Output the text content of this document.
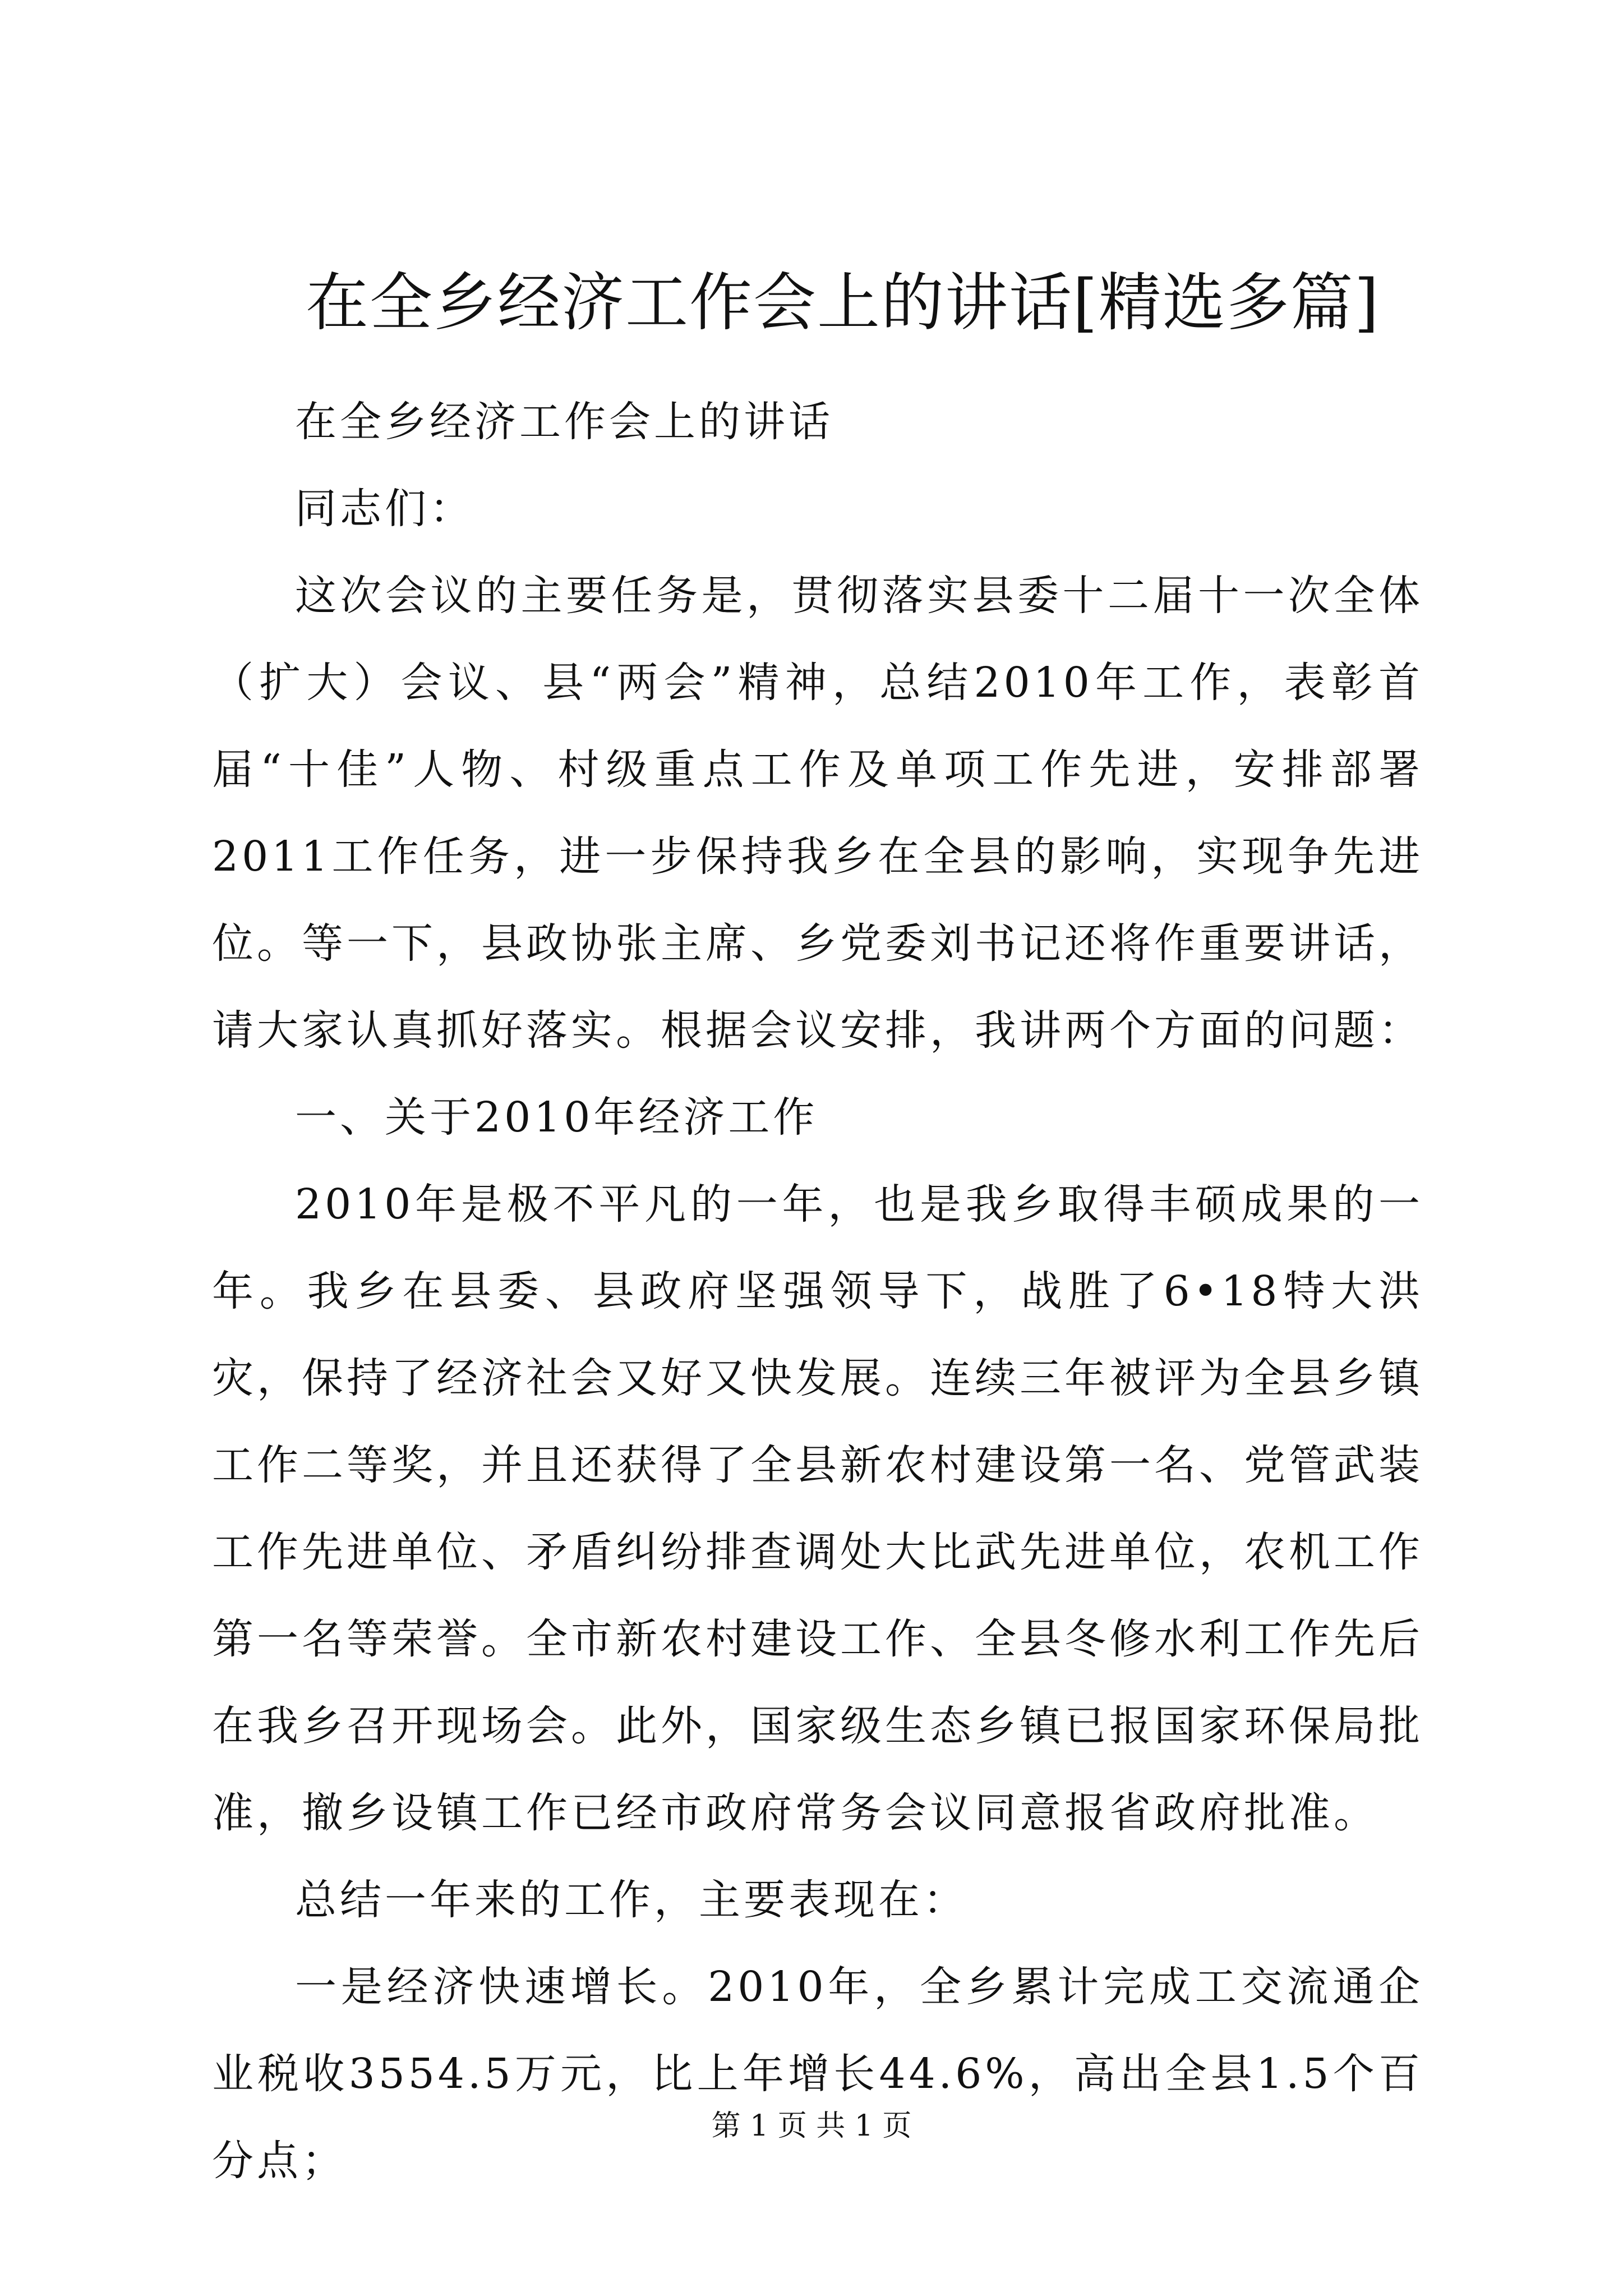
在全乡经济工作会上的讲话[精选多篇]

在全乡经济工作会上的讲话

同志们：

这次会议的主要任务是，贯彻落实县委十二届十一次全体（扩大）会议、县“两会”精神，总结2010年工作，表彰首届“十佳”人物、村级重点工作及单项工作先进，安排部署2011工作任务，进一步保持我乡在全县的影响，实现争先进位。等一下，县政协张主席、乡党委刘书记还将作重要讲话，请大家认真抓好落实。根据会议安排，我讲两个方面的问题：

一、关于2010年经济工作

2010年是极不平凡的一年，也是我乡取得丰硕成果的一年。我乡在县委、县政府坚强领导下，战胜了6•18特大洪灾，保持了经济社会又好又快发展。连续三年被评为全县乡镇工作二等奖，并且还获得了全县新农村建设第一名、党管武装工作先进单位、矛盾纠纷排查调处大比武先进单位，农机工作第一名等荣誉。全市新农村建设工作、全县冬修水利工作先后在我乡召开现场会。此外，国家级生态乡镇已报国家环保局批准，撤乡设镇工作已经市政府常务会议同意报省政府批准。

总结一年来的工作，主要表现在：

一是经济快速增长。2010年，全乡累计完成工交流通企业税收3554.5万元，比上年增长44.6%，高出全县1.5个百分点；

第 1 页 共 1 页
